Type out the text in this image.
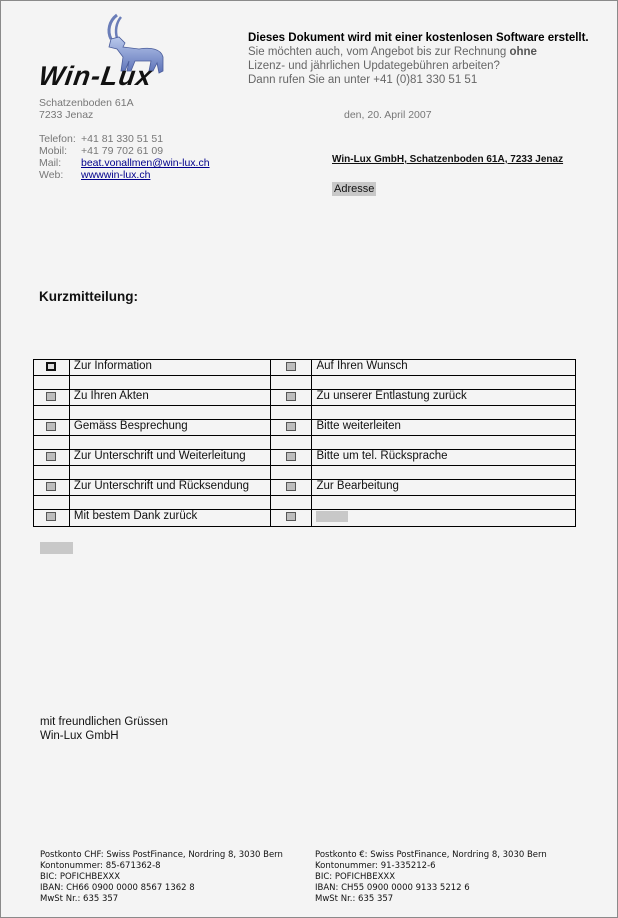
Win-Lux
Dieses Dokument wird mit einer kostenlosen Software erstellt.
Sie möchten auch, vom Angebot bis zur Rechnung ohne
Lizenz- und jährlichen Updategebühren arbeiten?
Dann rufen Sie an unter +41 (0)81 330 51 51
Schatzenboden 61A
7233 Jenaz
Telefon: +41 81 330 51 51
Mobil:	+41 79 702 61 09
Mail:	beat.vonallmen@win-lux.ch
Web:	wwwwin-lux.ch
den, 20. April 2007
Win-Lux GmbH, Schatzenboden 61A, 7233 Jenaz
Adresse
Kurzmitteilung:
	Zur Information		Auf Ihren Wunsch

	Zu Ihren Akten		Zu unserer Entlastung zurück

	Gemäss Besprechung		Bitte weiterleiten

	Zur Unterschrift und Weiterleitung		Bitte um tel. Rücksprache

	Zur Unterschrift und Rücksendung		Zur Bearbeitung

	Mit bestem Dank zurück		
mit freundlichen Grüssen
Win-Lux GmbH
Postkonto CHF: Swiss PostFinance, Nordring 8, 3030 Bern
Kontonummer: 85-671362-8
BIC: POFICHBEXXX
IBAN: CH66 0900 0000 8567 1362 8
MwSt Nr.: 635 357
Postkonto €: Swiss PostFinance, Nordring 8, 3030 Bern
Kontonummer: 91-335212-6
BIC: POFICHBEXXX
IBAN: CH55 0900 0000 9133 5212 6
MwSt Nr.: 635 357
